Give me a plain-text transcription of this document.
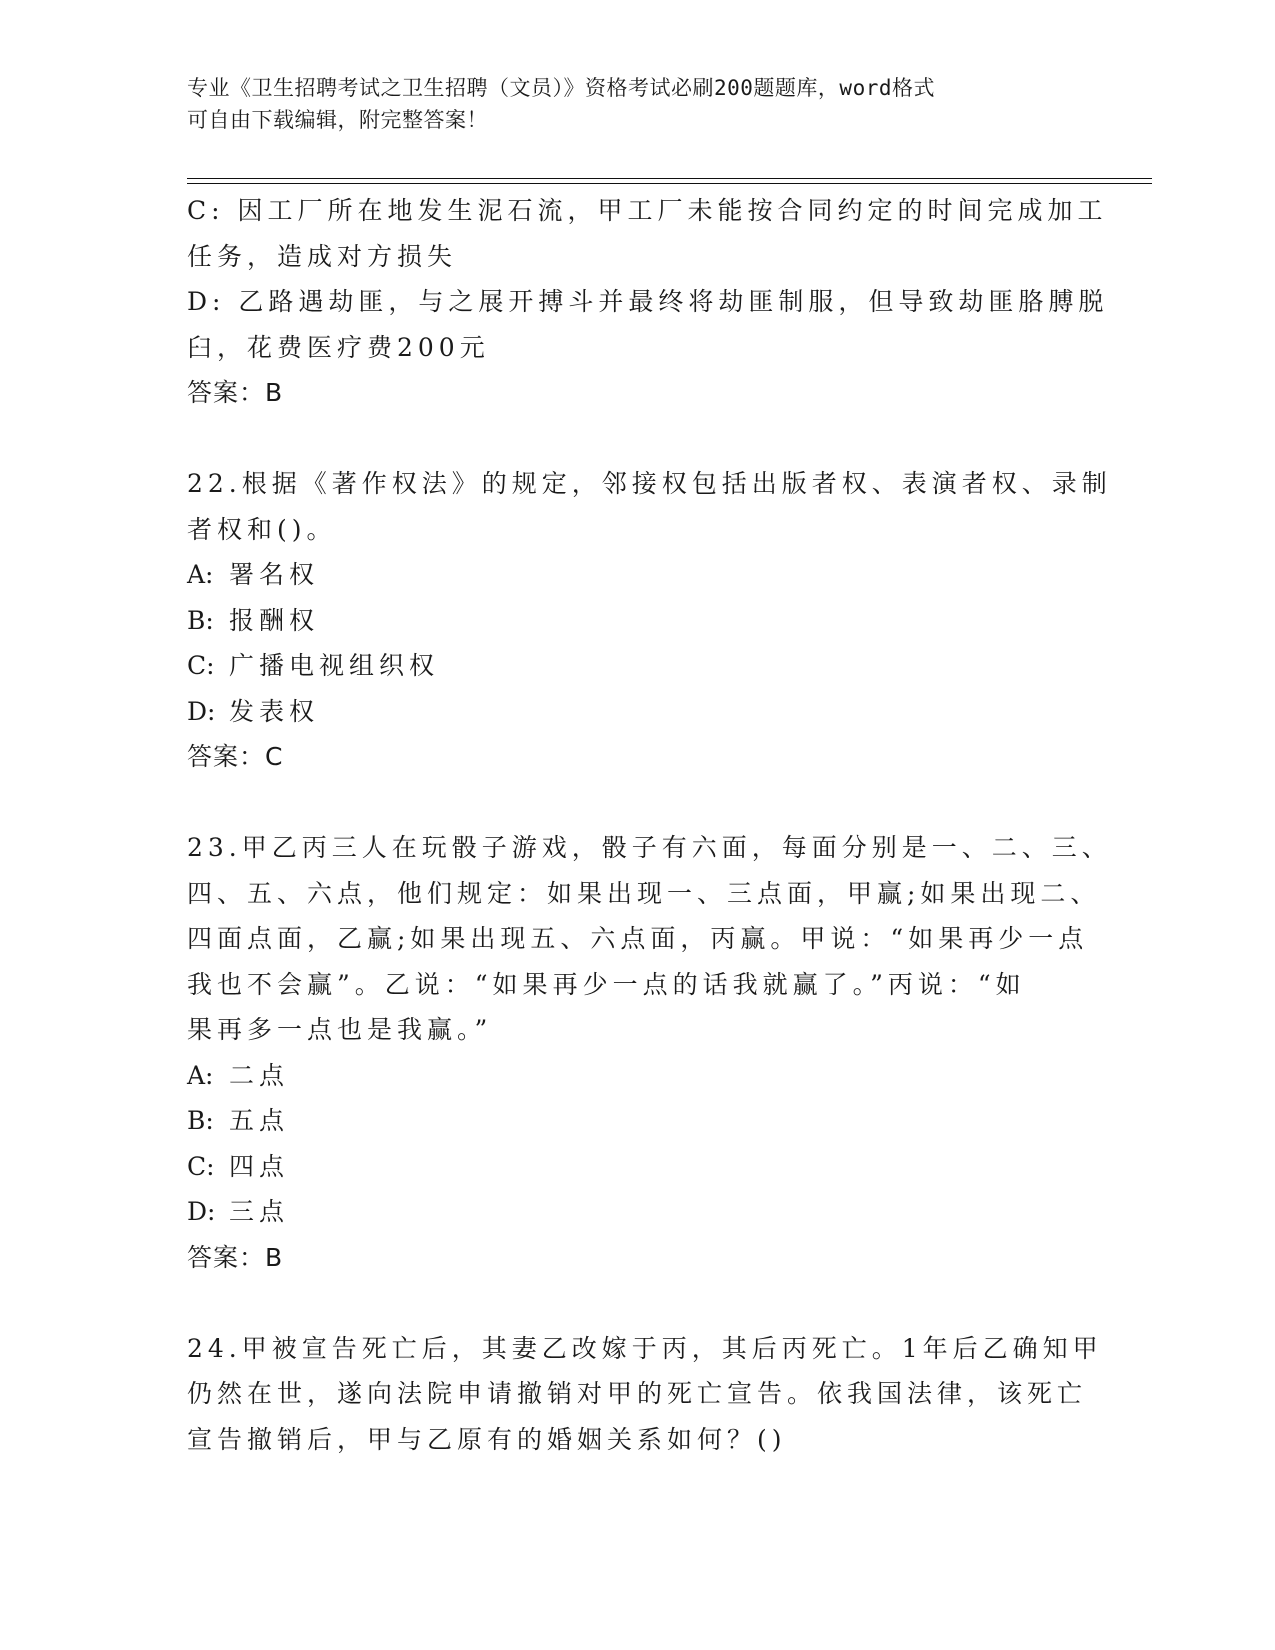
专业《卫生招聘考试之卫生招聘（文员）》资格考试必刷200题题库，word格式
可自由下载编辑，附完整答案！
C: 因工厂所在地发生泥石流，甲工厂未能按合同约定的时间完成加工
任务，造成对方损失
D: 乙路遇劫匪，与之展开搏斗并最终将劫匪制服，但导致劫匪胳膊脱
臼，花费医疗费200元
答案：B
22.根据《著作权法》的规定，邻接权包括出版者权、表演者权、录制
者权和()。
A: 署名权
B: 报酬权
C: 广播电视组织权
D: 发表权
答案：C
23.甲乙丙三人在玩骰子游戏，骰子有六面，每面分别是一、二、三、
四、五、六点，他们规定：如果出现一、三点面，甲赢;如果出现二、
四面点面，乙赢;如果出现五、六点面，丙赢。甲说：“如果再少一点
我也不会赢”。乙说：“如果再少一点的话我就赢了。”丙说：“如
果再多一点也是我赢。”
A: 二点
B: 五点
C: 四点
D: 三点
答案：B
24.甲被宣告死亡后，其妻乙改嫁于丙，其后丙死亡。1年后乙确知甲
仍然在世，遂向法院申请撤销对甲的死亡宣告。依我国法律，该死亡
宣告撤销后，甲与乙原有的婚姻关系如何？()
